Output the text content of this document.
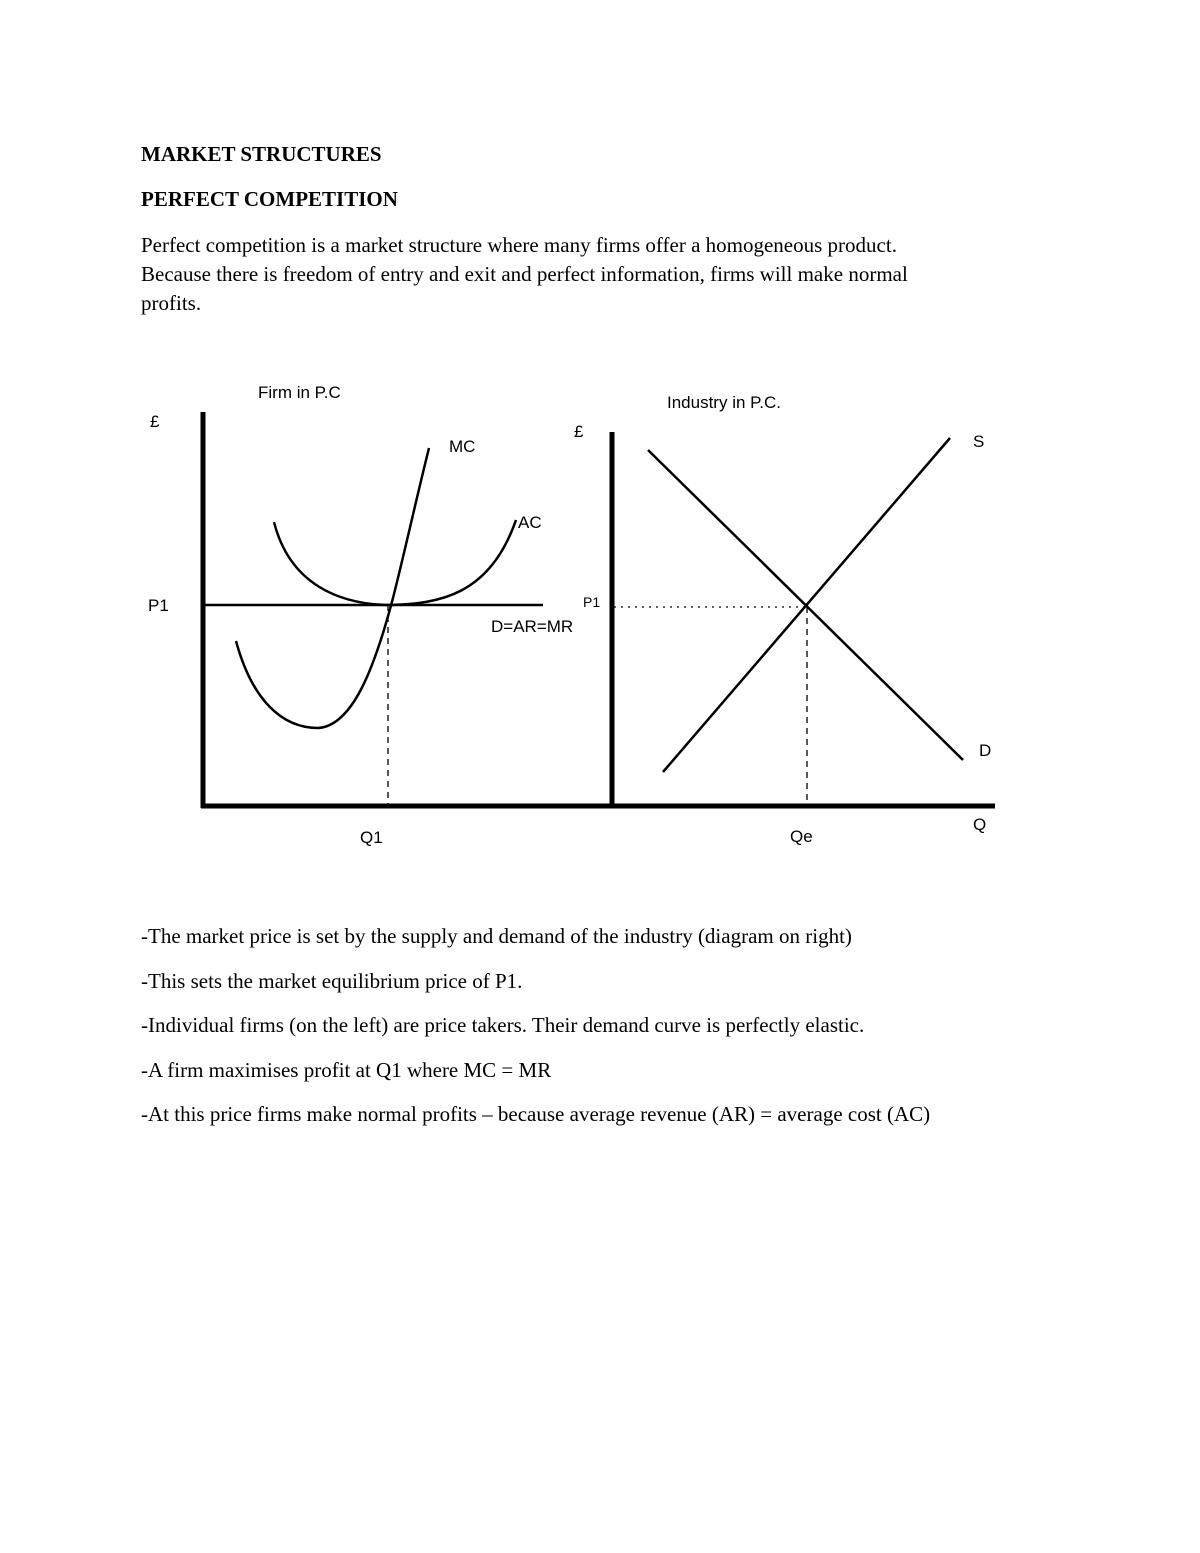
MARKET STRUCTURES
PERFECT COMPETITION

Perfect competition is a market structure where many firms offer a homogeneous product.
Because there is freedom of entry and exit and perfect information, firms will make normal
profits.

Firm in P.C
£
P1
Q1
MC
AC
D=AR=MR
Industry in P.C.
£
P1
Qe
Q
S
D
-The market price is set by the supply and demand of the industry (diagram on right)
-This sets the market equilibrium price of P1.
-Individual firms (on the left) are price takers. Their demand curve is perfectly elastic.
-A firm maximises profit at Q1 where MC = MR
-At this price firms make normal profits – because average revenue (AR) = average cost (AC)
